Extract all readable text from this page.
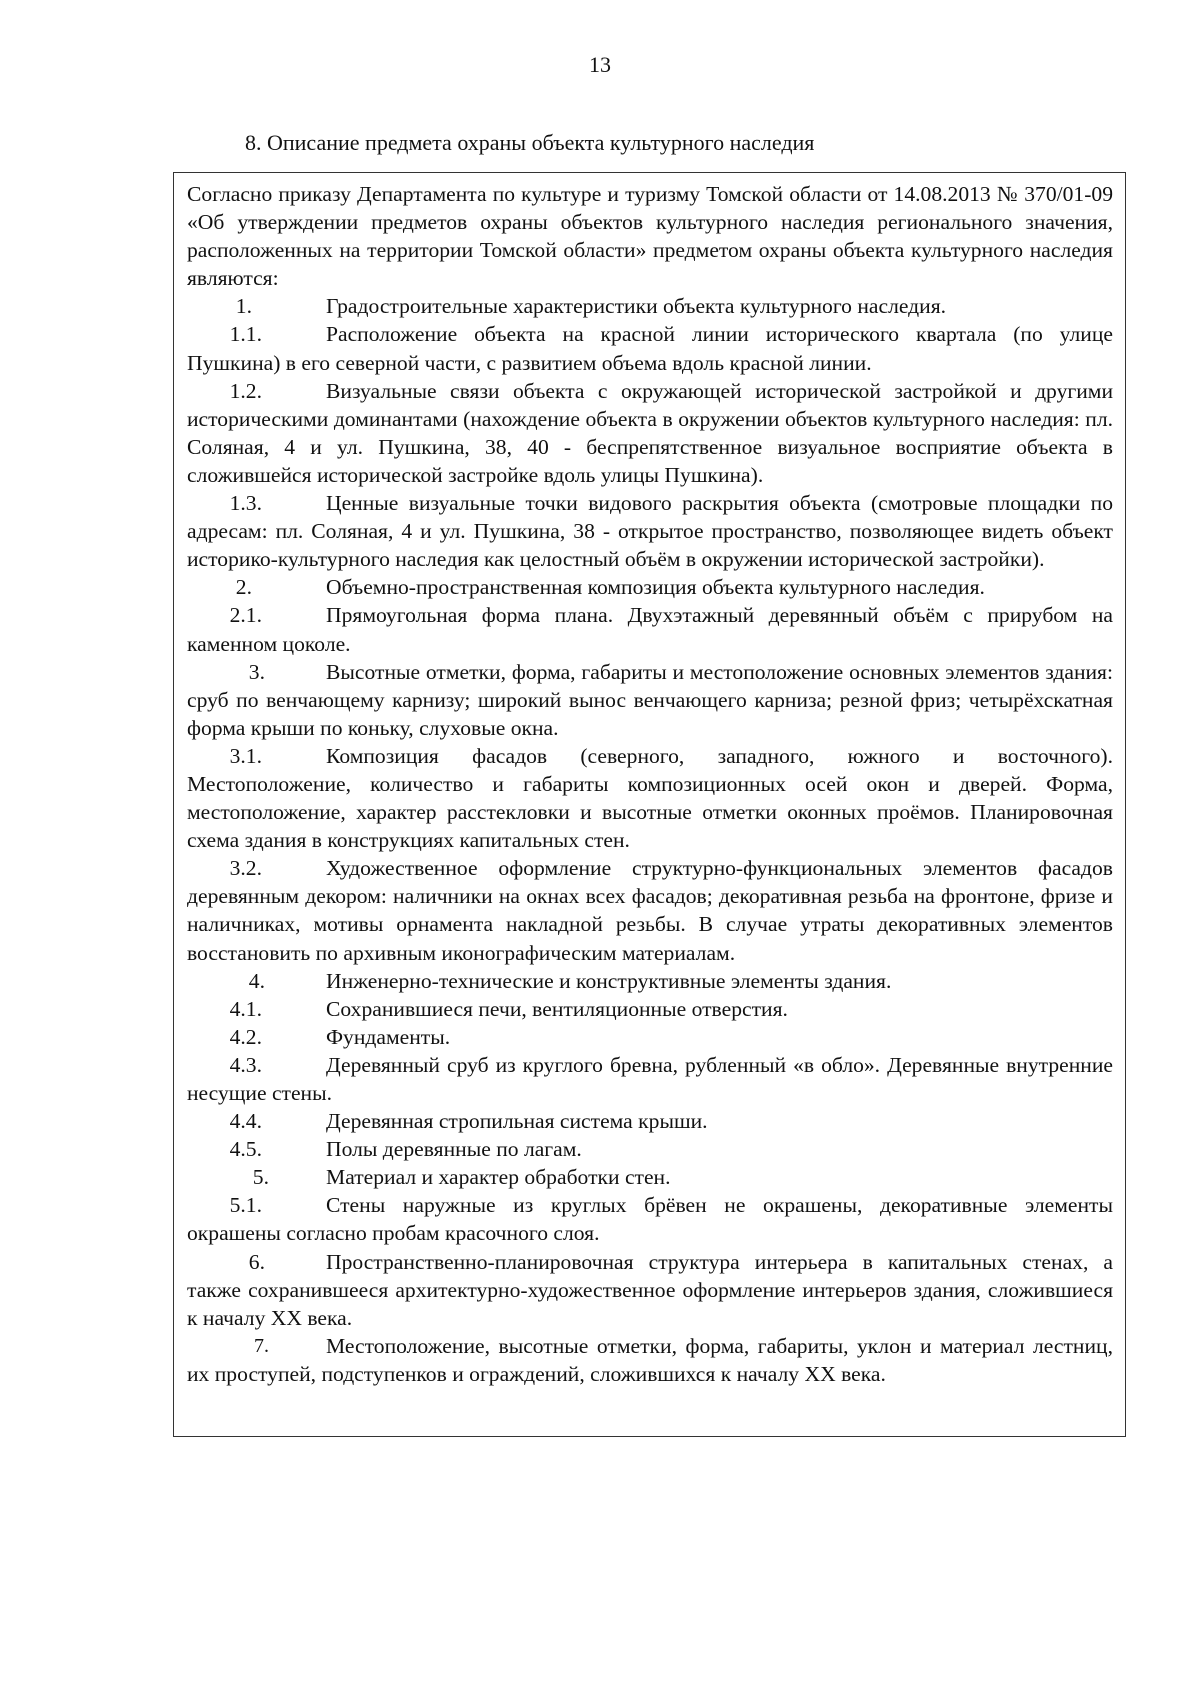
13
8. Описание предмета охраны объекта культурного наследия

Согласно приказу Департамента по культуре и туризму Томской области от 14.08.2013 № 370/01-09 «Об утверждении предметов охраны объектов культурного наследия регионального значения, расположенных на территории Томской области» предметом охраны объекта культурного наследия являются:

1.	Градостроительные характеристики объекта культурного наследия.

1.1.	Расположение объекта на красной линии исторического квартала (по улице Пушкина) в его северной части, с развитием объема вдоль красной линии.

1.2.	Визуальные связи объекта с окружающей исторической застройкой и другими историческими доминантами (нахождение объекта в окружении объектов культурного наследия: пл. Соляная, 4 и ул. Пушкина, 38, 40 - беспрепятственное визуальное восприятие объекта в сложившейся исторической застройке вдоль улицы Пушкина).

1.3.	Ценные визуальные точки видового раскрытия объекта (смотровые площадки по адресам: пл. Соляная, 4 и ул. Пушкина, 38 - открытое пространство, позволяющее видеть объект историко-культурного наследия как целостный объём в окружении исторической застройки).

2.	Объемно-пространственная композиция объекта культурного наследия.

2.1.	Прямоугольная форма плана. Двухэтажный деревянный объём с прирубом на каменном цоколе.

3.	Высотные отметки, форма, габариты и местоположение основных элементов здания: сруб по венчающему карнизу; широкий вынос венчающего карниза; резной фриз; четырёхскатная форма крыши по коньку, слуховые окна.

3.1.	Композиция фасадов (северного, западного, южного и восточного). Местоположение, количество и габариты композиционных осей окон и дверей. Форма, местоположение, характер расстекловки и высотные отметки оконных проёмов. Планировочная схема здания в конструкциях капитальных стен.

3.2.	Художественное оформление структурно-функциональных элементов фасадов деревянным декором: наличники на окнах всех фасадов; декоративная резьба на фронтоне, фризе и наличниках, мотивы орнамента накладной резьбы. В случае утраты декоративных элементов восстановить по архивным иконографическим материалам.

4.	Инженерно-технические и конструктивные элементы здания.

4.1.	Сохранившиеся печи, вентиляционные отверстия.

4.2.	Фундаменты.

4.3.	Деревянный сруб из круглого бревна, рубленный «в обло». Деревянные внутренние несущие стены.

4.4.	Деревянная стропильная система крыши.

4.5.	Полы деревянные по лагам.

5.	Материал и характер обработки стен.

5.1.	Стены наружные из круглых брёвен не окрашены, декоративные элементы окрашены согласно пробам красочного слоя.

6.	Пространственно-планировочная структура интерьера в капитальных стенах, а также сохранившееся архитектурно-художественное оформление интерьеров здания, сложившиеся к началу XX века.

7.	Местоположение, высотные отметки, форма, габариты, уклон и материал лестниц, их проступей, подступенков и ограждений, сложившихся к началу XX века.
